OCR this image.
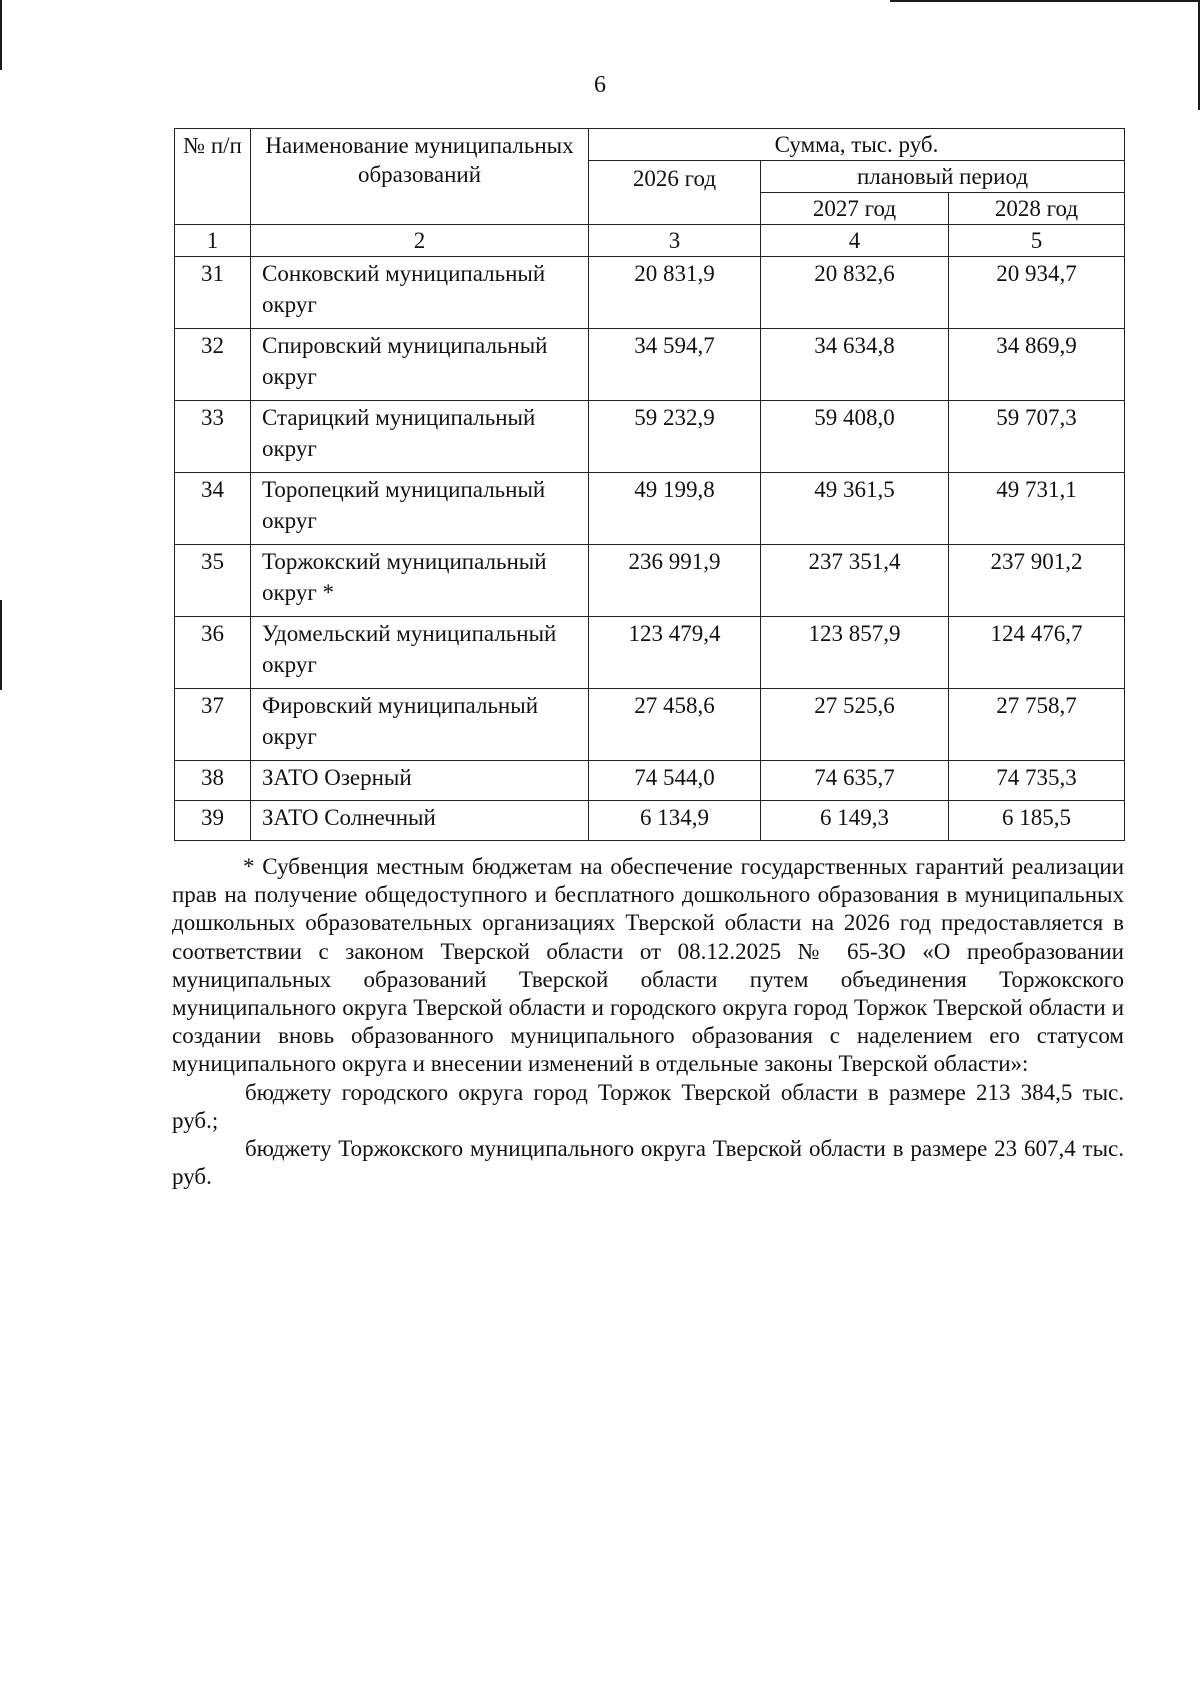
6
№ п/п	Наименование муниципальных образований	Сумма, тыс. руб.		
		2026 год	плановый период	
			2027 год	2028 год
1	2	3	4	5
31	Сонковский муниципальный округ	20 831,9	20 832,6	20 934,7
32	Спировский муниципальный округ	34 594,7	34 634,8	34 869,9
33	Старицкий муниципальный округ	59 232,9	59 408,0	59 707,3
34	Торопецкий муниципальный округ	49 199,8	49 361,5	49 731,1
35	Торжокский муниципальный округ *	236 991,9	237 351,4	237 901,2
36	Удомельский муниципальный округ	123 479,4	123 857,9	124 476,7
37	Фировский муниципальный округ	27 458,6	27 525,6	27 758,7
38	ЗАТО Озерный	74 544,0	74 635,7	74 735,3
39	ЗАТО Солнечный	6 134,9	6 149,3	6 185,5

* Субвенция местным бюджетам на обеспечение государственных гарантий реализации прав на получение общедоступного и бесплатного дошкольного образования в муниципальных дошкольных образовательных организациях Тверской области на 2026 год предоставляется в соответствии с законом Тверской области от 08.12.2025 № 65-ЗО «О преобразовании муниципальных образований Тверской области путем объединения Торжокского муниципального округа Тверской области и городского округа город Торжок Тверской области и создании вновь образованного муниципального образования с наделением его статусом муниципального округа и внесении изменений в отдельные законы Тверской области»:

бюджету городского округа город Торжок Тверской области в размере 213 384,5 тыс. руб.;

бюджету Торжокского муниципального округа Тверской области в размере 23 607,4 тыс. руб.
